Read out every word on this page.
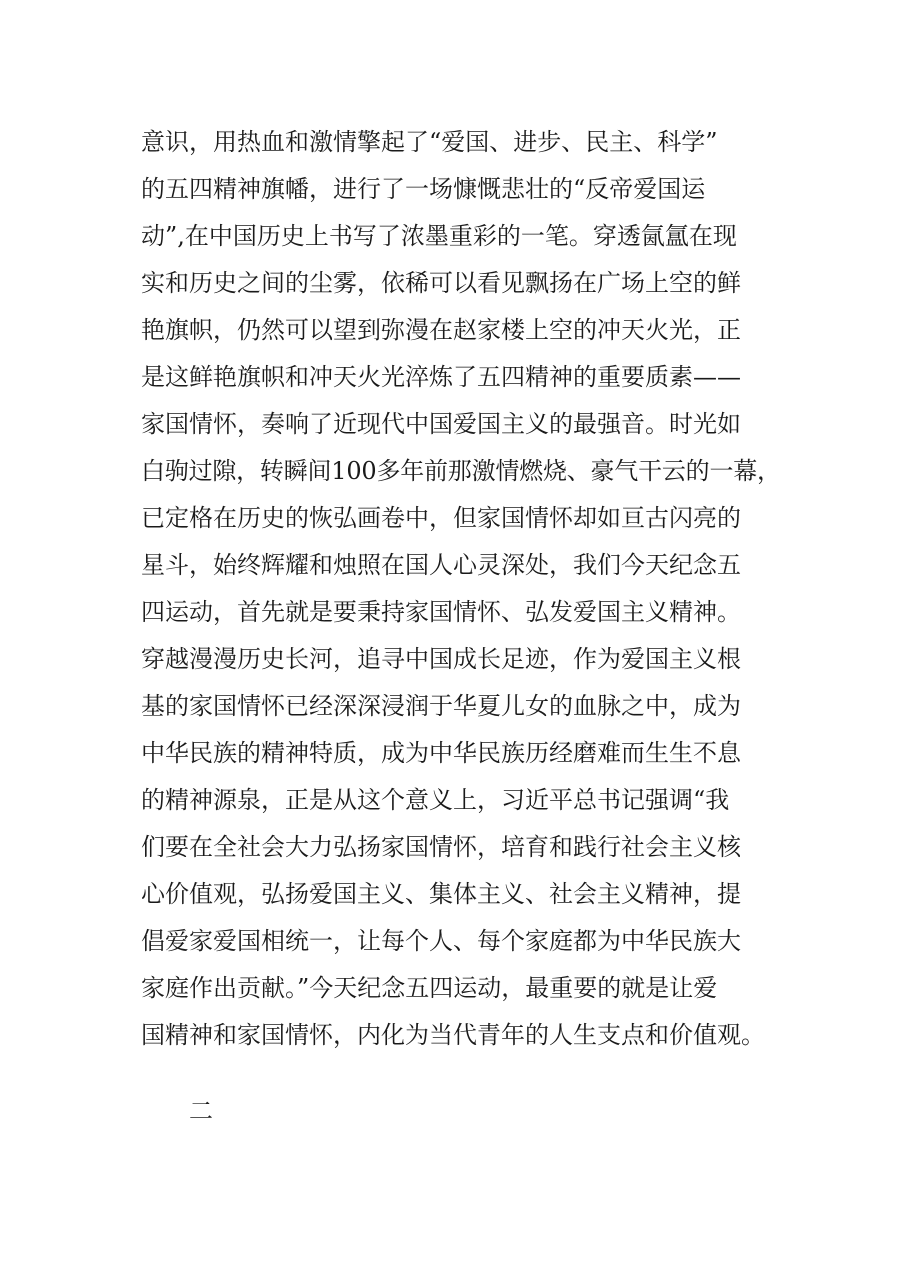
意识，用热血和激情擎起了“爱国、进步、民主、科学”
的五四精神旗幡，进行了一场慷慨悲壮的“反帝爱国运
动”,在中国历史上书写了浓墨重彩的一笔。穿透氤氲在现
实和历史之间的尘雾，依稀可以看见飘扬在广场上空的鲜
艳旗帜，仍然可以望到弥漫在赵家楼上空的冲天火光，正
是这鲜艳旗帜和冲天火光淬炼了五四精神的重要质素——
家国情怀，奏响了近现代中国爱国主义的最强音。时光如
白驹过隙，转瞬间100多年前那激情燃烧、豪气干云的一幕，
已定格在历史的恢弘画卷中，但家国情怀却如亘古闪亮的
星斗，始终辉耀和烛照在国人心灵深处，我们今天纪念五
四运动，首先就是要秉持家国情怀、弘发爱国主义精神。
穿越漫漫历史长河，追寻中国成长足迹，作为爱国主义根
基的家国情怀已经深深浸润于华夏儿女的血脉之中，成为
中华民族的精神特质，成为中华民族历经磨难而生生不息
的精神源泉，正是从这个意义上，习近平总书记强调“我
们要在全社会大力弘扬家国情怀，培育和践行社会主义核
心价值观，弘扬爱国主义、集体主义、社会主义精神，提
倡爱家爱国相统一，让每个人、每个家庭都为中华民族大
家庭作出贡献。”今天纪念五四运动，最重要的就是让爱
国精神和家国情怀，内化为当代青年的人生支点和价值观。
二
